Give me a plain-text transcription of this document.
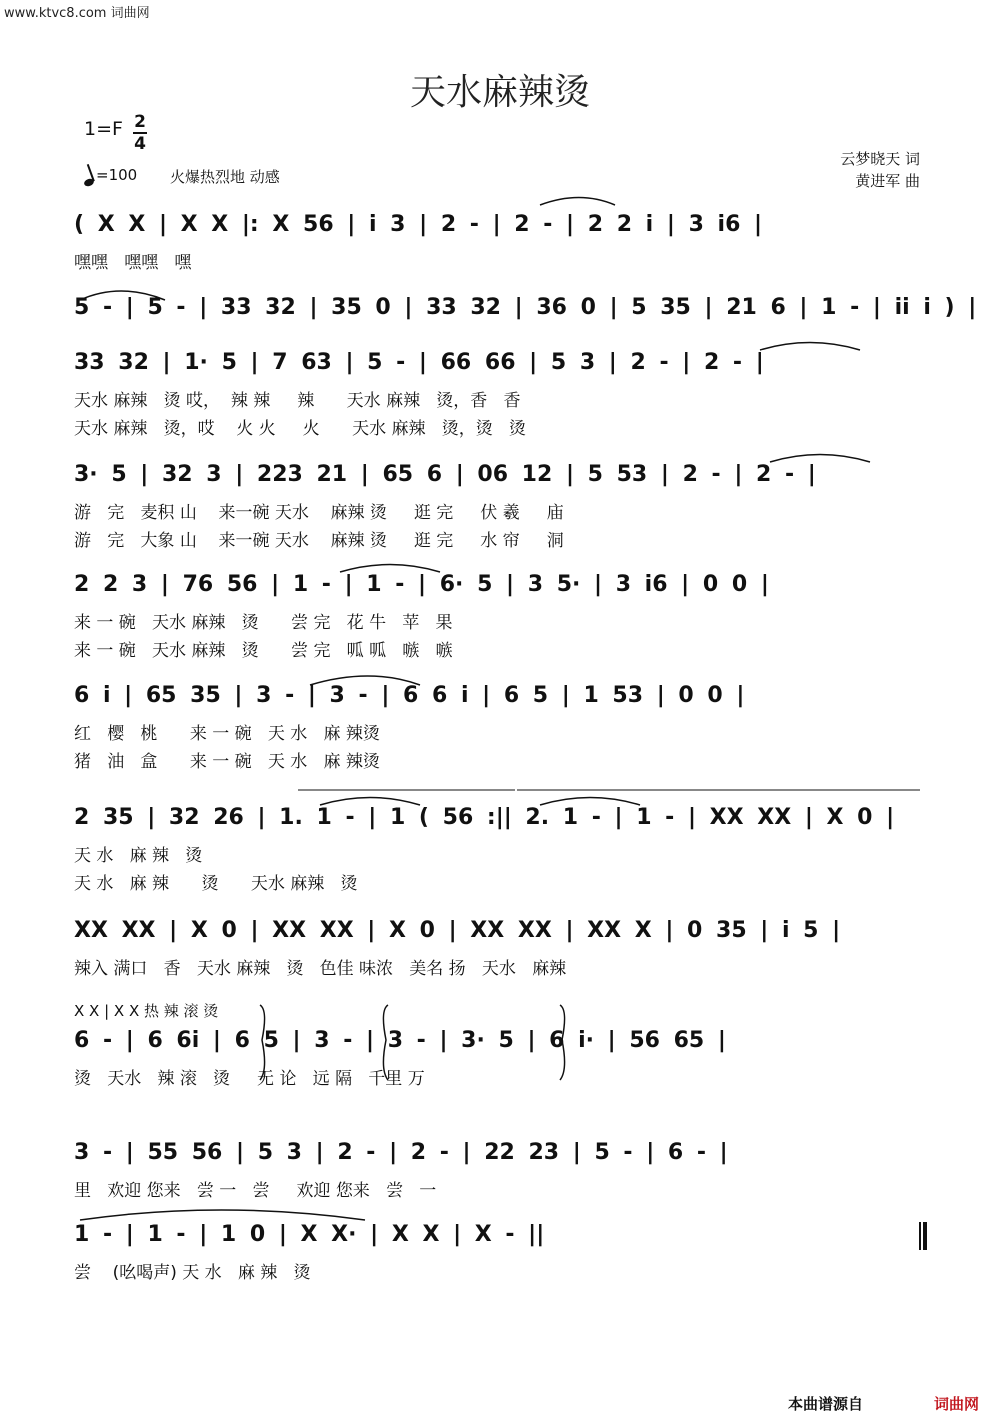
www.ktvc8.com 词曲网
天水麻辣烫
1=F 2
4
=100 火爆热烈地 动感
云梦晓天 词
黄进军 曲
( X X | X X |: X 56 | i 3 | 2 - | 2 - | 2 2 i | 3 i6 |
嘿嘿   嘿嘿   嘿
5 - | 5 - | 33 32 | 35 0 | 33 32 | 36 0 | 5 35 | 21 6 | 1 - | ii i ) |
33 32 | 1· 5 | 7 63 | 5 - | 66 66 | 5 3 | 2 - | 2 - |
天水 麻辣   烫 哎，  辣 辣     辣      天水 麻辣   烫，香   香
天水 麻辣   烫，哎    火 火     火      天水 麻辣   烫，烫   烫
3· 5 | 32 3 | 223 21 | 65 6 | 06 12 | 5 53 | 2 - | 2 - |
游   完   麦积 山    来一碗 天水    麻辣 烫     逛 完     伏 羲     庙
游   完   大象 山    来一碗 天水    麻辣 烫     逛 完     水 帘     洞
2 2 3 | 76 56 | 1 - | 1 - | 6· 5 | 3 5· | 3 i6 | 0 0 |
来 一 碗   天水 麻辣   烫      尝 完   花 牛   苹   果
来 一 碗   天水 麻辣   烫      尝 完   呱 呱   嗾   嗾
6 i | 65 35 | 3 - | 3 - | 6 6 i | 6 5 | 1 53 | 0 0 |
红   樱   桃      来 一 碗   天 水   麻 辣烫
猪   油   盒      来 一 碗   天 水   麻 辣烫
2 35 | 32 26 | 1. 1 - | 1 ( 56 :|| 2. 1 - | 1 - | XX XX | X 0 |
天 水   麻 辣   烫
天 水   麻 辣      烫      天水 麻辣   烫
XX XX | X 0 | XX XX | X 0 | XX XX | XX X | 0 35 | i 5 |
辣入 满口   香   天水 麻辣   烫   色佳 味浓   美名 扬   天水   麻辣
6 - | 6 6i | 6 5 | 3 - | 3 - | 3· 5 | 6 i· | 56 65 |
X X | X X 热 辣 滚 烫
烫   天水   辣 滚   烫     无 论   远 隔   千里 万
3 - | 55 56 | 5 3 | 2 - | 2 - | 22 23 | 5 - | 6 - |
里   欢迎 您来   尝 一   尝     欢迎 您来   尝   一
1 - | 1 - | 1 0 | X X· | X X | X - ||
尝    (吆喝声) 天 水   麻 辣   烫
本曲谱源自	词曲网
